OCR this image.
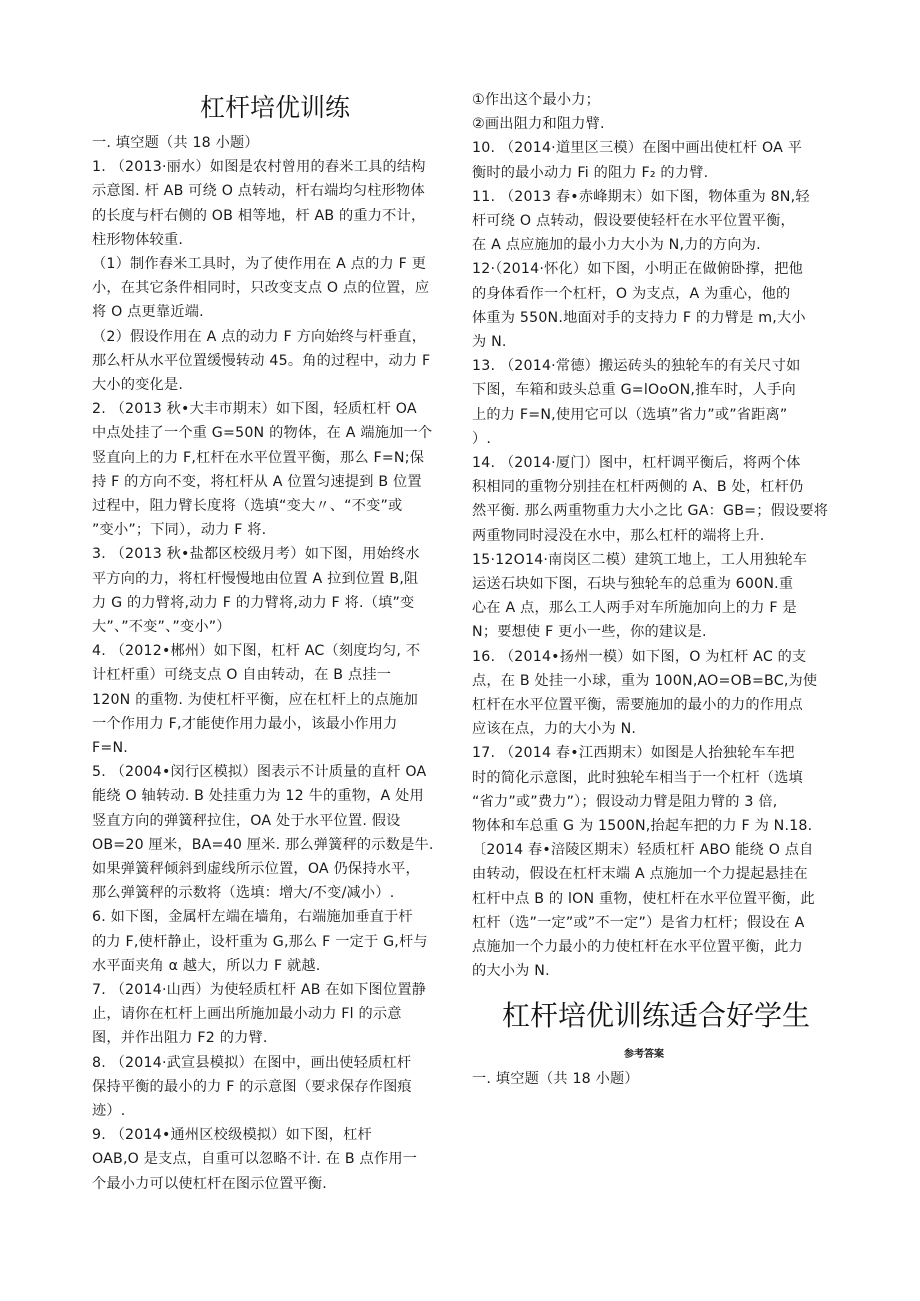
杠杆培优训练
一. 填空题（共 18 小题）
1. （2013·丽水）如图是农村曾用的舂米工具的结构
示意图. 杆 AB 可绕 O 点转动，杆右端均匀柱形物体
的长度与杆右侧的 OB 相等地，杆 AB 的重力不计，
柱形物体较重.
（1）制作舂米工具时，为了使作用在 A 点的力 F 更
小，在其它条件相同时，只改变支点 O 点的位置，应
将 O 点更靠近端.
（2）假设作用在 A 点的动力 F 方向始终与杆垂直，
那么杆从水平位置缓慢转动 45。角的过程中，动力 F
大小的变化是.
2. （2013 秋•大丰市期末）如下图，轻质杠杆 OA
中点处挂了一个重 G=50N 的物体，在 A 端施加一个
竖直向上的力 F,杠杆在水平位置平衡，那么 F=N;保
持 F 的方向不变，将杠杆从 A 位置匀速提到 B 位置
过程中，阻力臂长度将（选填“变大〃、“不变”或
”变小”；下同），动力 F 将.
3. （2013 秋•盐都区校级月考）如下图，用始终水
平方向的力，将杠杆慢慢地由位置 A 拉到位置 B,阻
力 G 的力臂将,动力 F 的力臂将,动力 F 将.（填”变
大”、”不变”、”变小”）
4. （2012•郴州）如下图，杠杆 AC（刻度均匀, 不
计杠杆重）可绕支点 O 自由转动，在 B 点挂一
120N 的重物. 为使杠杆平衡，应在杠杆上的点施加
一个作用力 F,才能使作用力最小，该最小作用力
F=N.
5. （2004•闵行区模拟）图表示不计质量的直杆 OA
能绕 O 轴转动. B 处挂重力为 12 牛的重物，A 处用
竖直方向的弹簧秤拉住，OA 处于水平位置. 假设
OB=20 厘米，BA=40 厘米. 那么弹簧秤的示数是牛.
如果弹簧秤倾斜到虚线所示位置，OA 仍保持水平，
那么弹簧秤的示数将（选填：增大/不变/减小）.
6. 如下图，金属杆左端在墙角，右端施加垂直于杆
的力 F,使杆静止，设杆重为 G,那么 F 一定于 G,杆与
水平面夹角 α 越大，所以力 F 就越.
7. （2014·山西）为使轻质杠杆 AB 在如下图位置静
止，请你在杠杆上画出所施加最小动力 Fl 的示意
图，并作出阻力 F2 的力臂.
8. （2014·武宣县模拟）在图中，画出使轻质杠杆
保持平衡的最小的力 F 的示意图（要求保存作图痕
迹）.
9. （2014•通州区校级模拟）如下图，杠杆
OAB,O 是支点，自重可以忽略不计. 在 B 点作用一
个最小力可以使杠杆在图示位置平衡.
①作出这个最小力；
②画出阻力和阻力臂.
10. （2014·道里区三模）在图中画出使杠杆 OA 平
衡时的最小动力 Fi 的阻力 F₂ 的力臂.
11. （2013 春•赤峰期末）如下图，物体重为 8N,轻
杆可绕 O 点转动，假设要使轻杆在水平位置平衡，
在 A 点应施加的最小力大小为 N,力的方向为.
12·（2014·怀化）如下图，小明正在做俯卧撑，把他
的身体看作一个杠杆，O 为支点，A 为重心，他的
体重为 550N.地面对手的支持力 F 的力臂是 m,大小
为 N.
13. （2014·常德）搬运砖头的独轮车的有关尺寸如
下图，车箱和豉头总重 G=lOoON,推车时，人手向
上的力 F=N,使用它可以（选填”省力”或”省距离”
）.
14. （2014·厦门）图中，杠杆调平衡后，将两个体
积相同的重物分别挂在杠杆两侧的 A、B 处，杠杆仍
然平衡. 那么两重物重力大小之比 GA：GB=；假设要将
两重物同时浸没在水中，那么杠杆的端将上升.
15·12O14·南岗区二模）建筑工地上，工人用独轮车
运送石块如下图，石块与独轮车的总重为 600N.重
心在 A 点，那么工人两手对车所施加向上的力 F 是
N；要想使 F 更小一些，你的建议是.
16. （2014•扬州一模）如下图，O 为杠杆 AC 的支
点，在 B 处挂一小球，重为 100N,AO=OB=BC,为使
杠杆在水平位置平衡，需要施加的最小的力的作用点
应该在点，力的大小为 N.
17. （2014 春•江西期末）如图是人抬独轮车车把
时的简化示意图，此时独轮车相当于一个杠杆（选填
“省力”或”费力”）；假设动力臂是阻力臂的 3 倍,
物体和车总重 G 为 1500N,抬起车把的力 F 为 N.18.
〔2014 春•涪陵区期末）轻质杠杆 ABO 能绕 O 点自
由转动，假设在杠杆末端 A 点施加一个力提起悬挂在
杠杆中点 B 的 lON 重物，使杠杆在水平位置平衡，此
杠杆（选”一定”或”不一定”）是省力杠杆；假设在 A
点施加一个力最小的力使杠杆在水平位置平衡，此力
的大小为 N.
杠杆培优训练适合好学生
参考答案
一. 填空题（共 18 小题）
